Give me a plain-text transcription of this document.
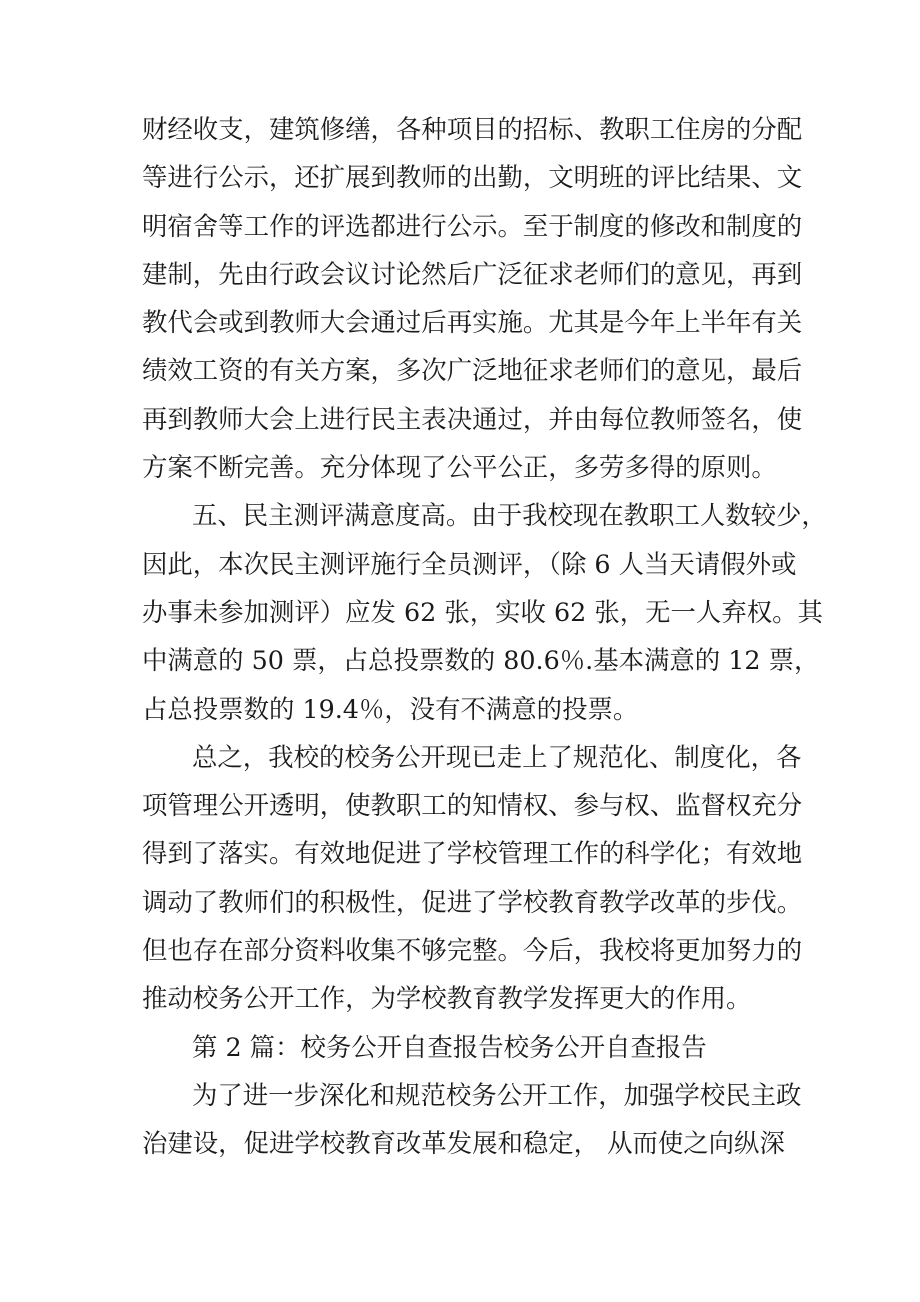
财经收支，建筑修缮，各种项目的招标、教职工住房的分配
等进行公示，还扩展到教师的出勤，文明班的评比结果、文
明宿舍等工作的评选都进行公示。至于制度的修改和制度的
建制，先由行政会议讨论然后广泛征求老师们的意见，再到
教代会或到教师大会通过后再实施。尤其是今年上半年有关
绩效工资的有关方案，多次广泛地征求老师们的意见，最后
再到教师大会上进行民主表决通过，并由每位教师签名，使
方案不断完善。充分体现了公平公正，多劳多得的原则。
五、民主测评满意度高。由于我校现在教职工人数较少，
因此，本次民主测评施行全员测评，（除 6 人当天请假外或
办事未参加测评）应发 62 张，实收 62 张，无一人弃权。其
中满意的 50 票，占总投票数的 80.6％.基本满意的 12 票，
占总投票数的 19.4％，没有不满意的投票。
总之，我校的校务公开现已走上了规范化、制度化，各
项管理公开透明，使教职工的知情权、参与权、监督权充分
得到了落实。有效地促进了学校管理工作的科学化；有效地
调动了教师们的积极性，促进了学校教育教学改革的步伐。
但也存在部分资料收集不够完整。今后，我校将更加努力的
推动校务公开工作，为学校教育教学发挥更大的作用。
第 2 篇：校务公开自查报告校务公开自查报告
为了进一步深化和规范校务公开工作，加强学校民主政
治建设，促进学校教育改革发展和稳定， 从而使之向纵深
